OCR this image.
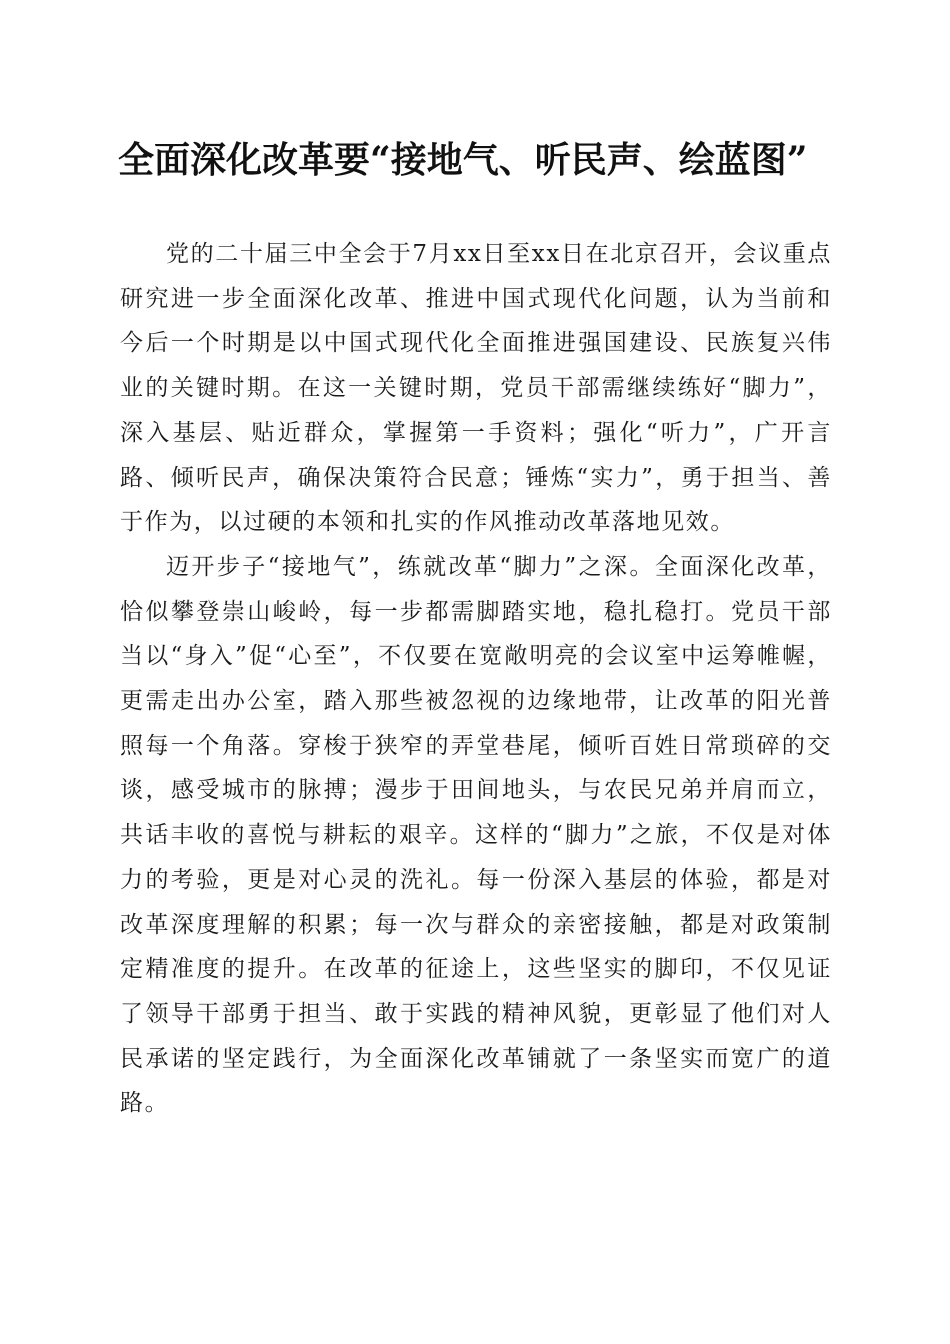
全面深化改革要“接地气、听民声、绘蓝图”

党的二十届三中全会于7月xx日至xx日在北京召开，会议重点研究进一步全面深化改革、推进中国式现代化问题，认为当前和今后一个时期是以中国式现代化全面推进强国建设、民族复兴伟业的关键时期。在这一关键时期，党员干部需继续练好“脚力”，深入基层、贴近群众，掌握第一手资料；强化“听力”，广开言路、倾听民声，确保决策符合民意；锤炼“实力”，勇于担当、善于作为，以过硬的本领和扎实的作风推动改革落地见效。

迈开步子“接地气”，练就改革“脚力”之深。全面深化改革，恰似攀登崇山峻岭，每一步都需脚踏实地，稳扎稳打。党员干部当以“身入”促“心至”，不仅要在宽敞明亮的会议室中运筹帷幄，更需走出办公室，踏入那些被忽视的边缘地带，让改革的阳光普照每一个角落。穿梭于狭窄的弄堂巷尾，倾听百姓日常琐碎的交谈，感受城市的脉搏；漫步于田间地头，与农民兄弟并肩而立，共话丰收的喜悦与耕耘的艰辛。这样的“脚力”之旅，不仅是对体力的考验，更是对心灵的洗礼。每一份深入基层的体验，都是对改革深度理解的积累；每一次与群众的亲密接触，都是对政策制定精准度的提升。在改革的征途上，这些坚实的脚印，不仅见证了领导干部勇于担当、敢于实践的精神风貌，更彰显了他们对人民承诺的坚定践行，为全面深化改革铺就了一条坚实而宽广的道路。
